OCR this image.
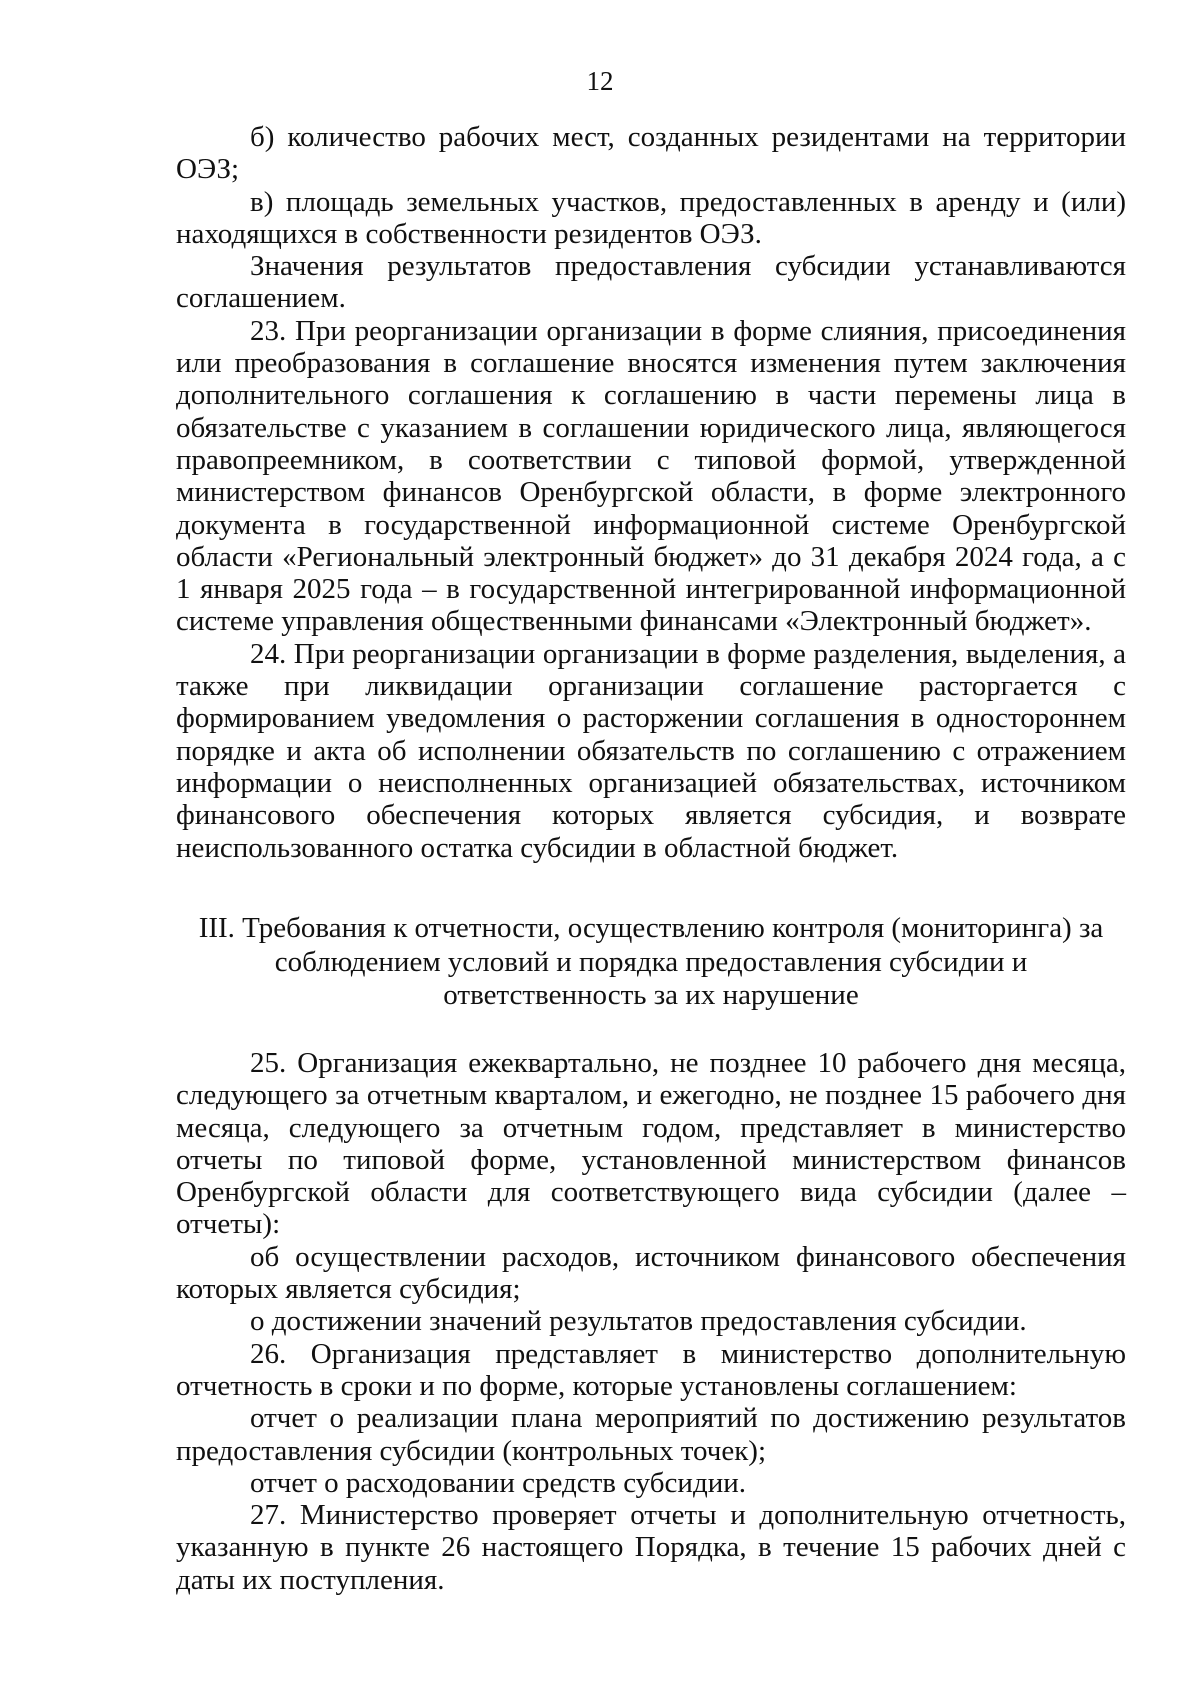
12

б) количество рабочих мест, созданных резидентами на территории ОЭЗ;

в) площадь земельных участков, предоставленных в аренду и (или) находящихся в собственности резидентов ОЭЗ.

Значения результатов предоставления субсидии устанавливаются соглашением.

23. При реорганизации организации в форме слияния, присоединения или преобразования в соглашение вносятся изменения путем заключения дополнительного соглашения к соглашению в части перемены лица в обязательстве с указанием в соглашении юридического лица, являющегося правопреемником, в соответствии с типовой формой, утвержденной министерством финансов Оренбургской области, в форме электронного документа в государственной информационной системе Оренбургской области «Региональный электронный бюджет» до 31 декабря 2024 года, а с 1 января 2025 года – в государственной интегрированной информационной системе управления общественными финансами «Электронный бюджет».

24. При реорганизации организации в форме разделения, выделения, а также при ликвидации организации соглашение расторгается с формированием уведомления о расторжении соглашения в одностороннем порядке и акта об исполнении обязательств по соглашению с отражением информации о неисполненных организацией обязательствах, источником финансового обеспечения которых является субсидия, и возврате неиспользованного остатка субсидии в областной бюджет.

III. Требования к отчетности, осуществлению контроля (мониторинга) за
соблюдением условий и порядка предоставления субсидии и
ответственность за их нарушение

25. Организация ежеквартально, не позднее 10 рабочего дня месяца, следующего за отчетным кварталом, и ежегодно, не позднее 15 рабочего дня месяца, следующего за отчетным годом, представляет в министерство отчеты по типовой форме, установленной министерством финансов Оренбургской области для соответствующего вида субсидии (далее – отчеты):

об осуществлении расходов, источником финансового обеспечения которых является субсидия;

о достижении значений результатов предоставления субсидии.

26. Организация представляет в министерство дополнительную отчетность в сроки и по форме, которые установлены соглашением:

отчет о реализации плана мероприятий по достижению результатов предоставления субсидии (контрольных точек);

отчет о расходовании средств субсидии.

27. Министерство проверяет отчеты и дополнительную отчетность, указанную в пункте 26 настоящего Порядка, в течение 15 рабочих дней с даты их поступления.
